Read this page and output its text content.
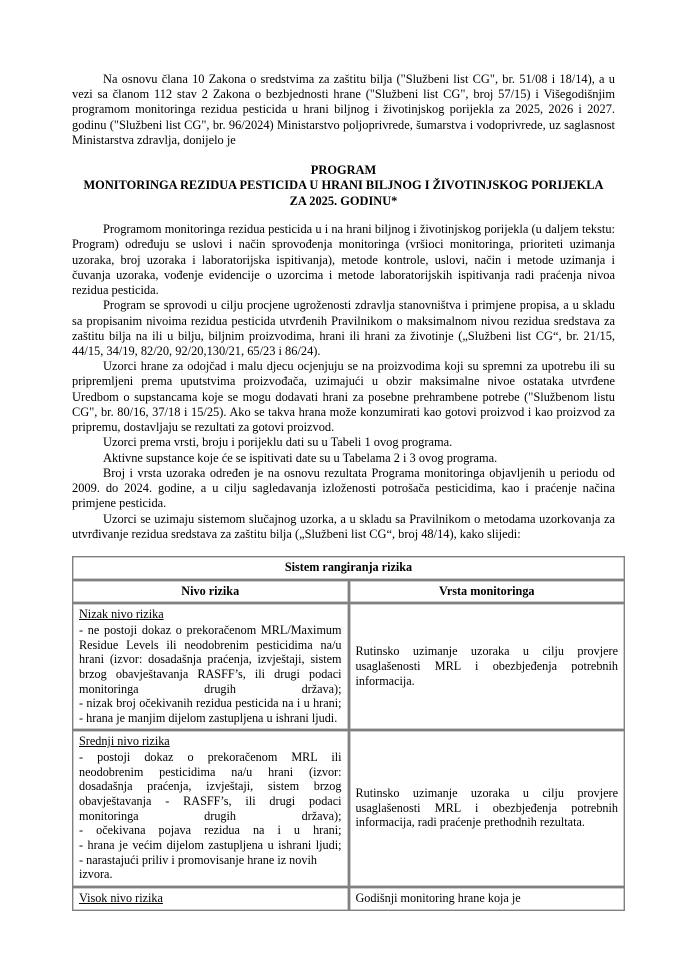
Na osnovu člana 10 Zakona o sredstvima za zaštitu bilja ("Službeni list CG", br. 51/08 i 18/14), a u vezi sa članom 112 stav 2 Zakona o bezbjednosti hrane ("Službeni list CG", broj 57/15) i Višegodišnjim programom monitoringa rezidua pesticida u hrani biljnog i životinjskog porijekla za 2025, 2026 i 2027. godinu ("Službeni list CG", br. 96/2024) Ministarstvo poljoprivrede, šumarstva i vodoprivrede, uz saglasnost Ministarstva zdravlja, donijelo je

PROGRAM
MONITORINGA REZIDUA PESTICIDA U HRANI BILJNOG I ŽIVOTINJSKOG PORIJEKLA
ZA 2025. GODINU*

Programom monitoringa rezidua pesticida u i na hrani biljnog i životinjskog porijekla (u daljem tekstu: Program) određuju se uslovi i način sprovođenja monitoringa (vršioci monitoringa, prioriteti uzimanja uzoraka, broj uzoraka i laboratorijska ispitivanja), metode kontrole, uslovi, način i metode uzimanja i čuvanja uzoraka, vođenje evidencije o uzorcima i metode laboratorijskih ispitivanja radi praćenja nivoa rezidua pesticida.

Program se sprovodi u cilju procjene ugroženosti zdravlja stanovništva i primjene propisa, a u skladu sa propisanim nivoima rezidua pesticida utvrđenih Pravilnikom o maksimalnom nivou rezidua sredstava za zaštitu bilja na ili u bilju, biljnim proizvodima, hrani ili hrani za životinje („Službeni list CG“, br. 21/15, 44/15, 34/19, 82/20, 92/20,130/21, 65/23 i 86/24).

Uzorci hrane za odojčad i malu djecu ocjenjuju se na proizvodima koji su spremni za upotrebu ili su pripremljeni prema uputstvima proizvođača, uzimajući u obzir maksimalne nivoe ostataka utvrđene Uredbom o supstancama koje se mogu dodavati hrani za posebne prehrambene potrebe ("Službenom listu CG", br. 80/16, 37/18 i 15/25). Ako se takva hrana može konzumirati kao gotovi proizvod i kao proizvod za pripremu, dostavljaju se rezultati za gotovi proizvod.

Uzorci prema vrsti, broju i porijeklu dati su u Tabeli 1 ovog programa.

Aktivne supstance koje će se ispitivati date su u Tabelama 2 i 3 ovog programa.

Broj i vrsta uzoraka određen je na osnovu rezultata Programa monitoringa objavljenih u periodu od 2009. do 2024. godine, a u cilju sagledavanja izloženosti potrošača pesticidima, kao i praćenje načina primjene pesticida.

Uzorci se uzimaju sistemom slučajnog uzorka, a u skladu sa Pravilnikom o metodama uzorkovanja za utvrđivanje rezidua sredstava za zaštitu bilja („Službeni list CG“, broj 48/14), kako slijedi:

Sistem rangiranja rizika	
Nivo rizika	Vrsta monitoringa

Nizak nivo rizika
- ne postoji dokaz o prekoračenom MRL/Maximum Residue Levels ili neodobrenim pesticidima na/u hrani (izvor: dosadašnja praćenja, izvještaji, sistem brzog obavještavanja RASFF’s, ili drugi podaci monitoringa drugih država);
- nizak broj očekivanih rezidua pesticida na i u hrani;
- hrana je manjim dijelom zastupljena u ishrani ljudi.	Rutinsko uzimanje uzoraka u cilju provjere usaglašenosti MRL i obezbjeđenja potrebnih informacija.

Srednji nivo rizika
- postoji dokaz o prekoračenom MRL ili neodobrenim pesticidima na/u hrani (izvor: dosadašnja praćenja, izvještaji, sistem brzog obavještavanja - RASFF’s, ili drugi podaci monitoringa drugih država);
- očekivana pojava rezidua na i u hrani;
- hrana je većim dijelom zastupljena u ishrani ljudi;
- narastajući priliv i promovisanje hrane iz novih izvora.	Rutinsko uzimanje uzoraka u cilju provjere usaglašenosti MRL i obezbjeđenja potrebnih informacija, radi praćenje prethodnih rezultata.

Visok nivo rizika	Godišnji monitoring hrane koja je
